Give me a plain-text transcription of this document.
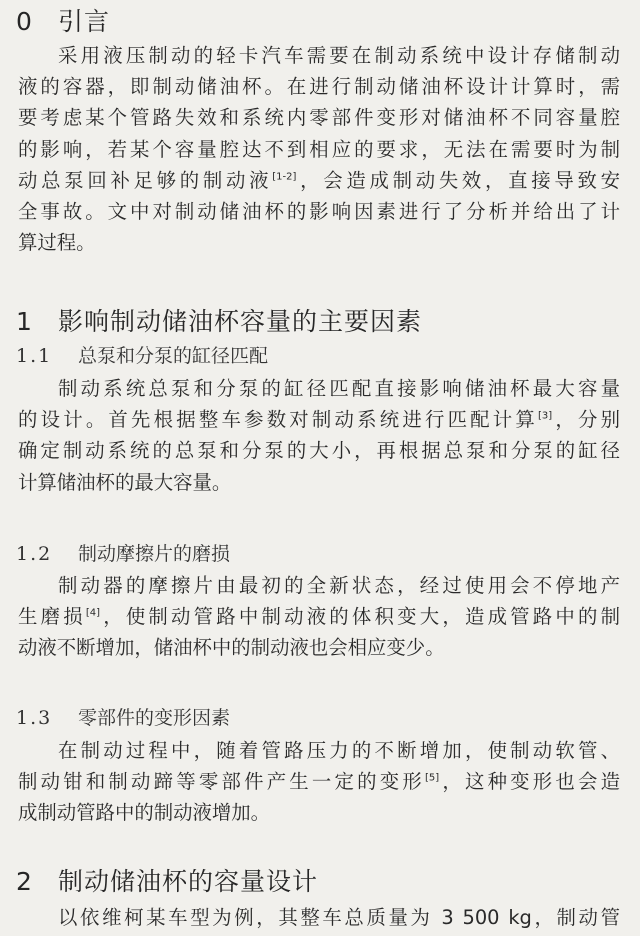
0 引言
采用液压制动的轻卡汽车需要在制动系统中设计存储制动
液的容器，即制动储油杯。在进行制动储油杯设计计算时，需
要考虑某个管路失效和系统内零部件变形对储油杯不同容量腔
的影响，若某个容量腔达不到相应的要求，无法在需要时为制
动总泵回补足够的制动液[1-2]，会造成制动失效，直接导致安
全事故。文中对制动储油杯的影响因素进行了分析并给出了计
算过程。
1 影响制动储油杯容量的主要因素
1.1 总泵和分泵的缸径匹配
制动系统总泵和分泵的缸径匹配直接影响储油杯最大容量
的设计。首先根据整车参数对制动系统进行匹配计算[3]，分别
确定制动系统的总泵和分泵的大小，再根据总泵和分泵的缸径
计算储油杯的最大容量。
1.2 制动摩擦片的磨损
制动器的摩擦片由最初的全新状态，经过使用会不停地产
生磨损[4]，使制动管路中制动液的体积变大，造成管路中的制
动液不断增加，储油杯中的制动液也会相应变少。
1.3 零部件的变形因素
在制动过程中，随着管路压力的不断增加，使制动软管、
制动钳和制动蹄等零部件产生一定的变形[5]，这种变形也会造
成制动管路中的制动液增加。
2 制动储油杯的容量设计
以依维柯某车型为例，其整车总质量为 3 500 kg，制动管
